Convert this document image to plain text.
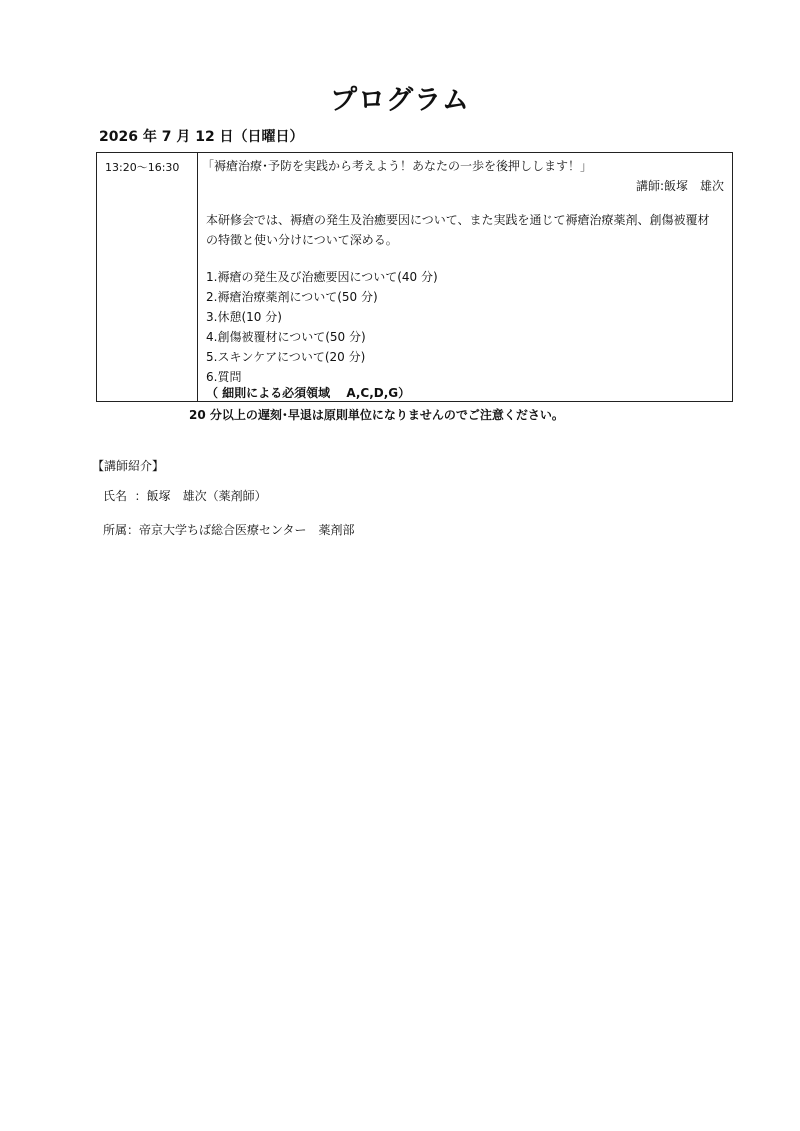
プログラム
2026 年 7 月 12 日（日曜日）
13:20～16:30	「褥瘡治療･予防を実践から考えよう！あなたの一歩を後押しします！」
講師:飯塚　雄次
本研修会では、褥瘡の発生及治癒要因について、また実践を通じて褥瘡治療薬剤、創傷被覆材の特徴と使い分けについて深める。
1.褥瘡の発生及び治癒要因について(40 分)
2.褥瘡治療薬剤について(50 分)
3.休憩(10 分)
4.創傷被覆材について(50 分)
5.スキンケアについて(20 分)
6.質問
（ 細則による必須領域　 A,C,D,G）
20 分以上の遅刻･早退は原則単位になりませんのでご注意ください。
【講師紹介】
氏名  ：飯塚　雄次（薬剤師）
所属：帝京大学ちば総合医療センター　薬剤部
